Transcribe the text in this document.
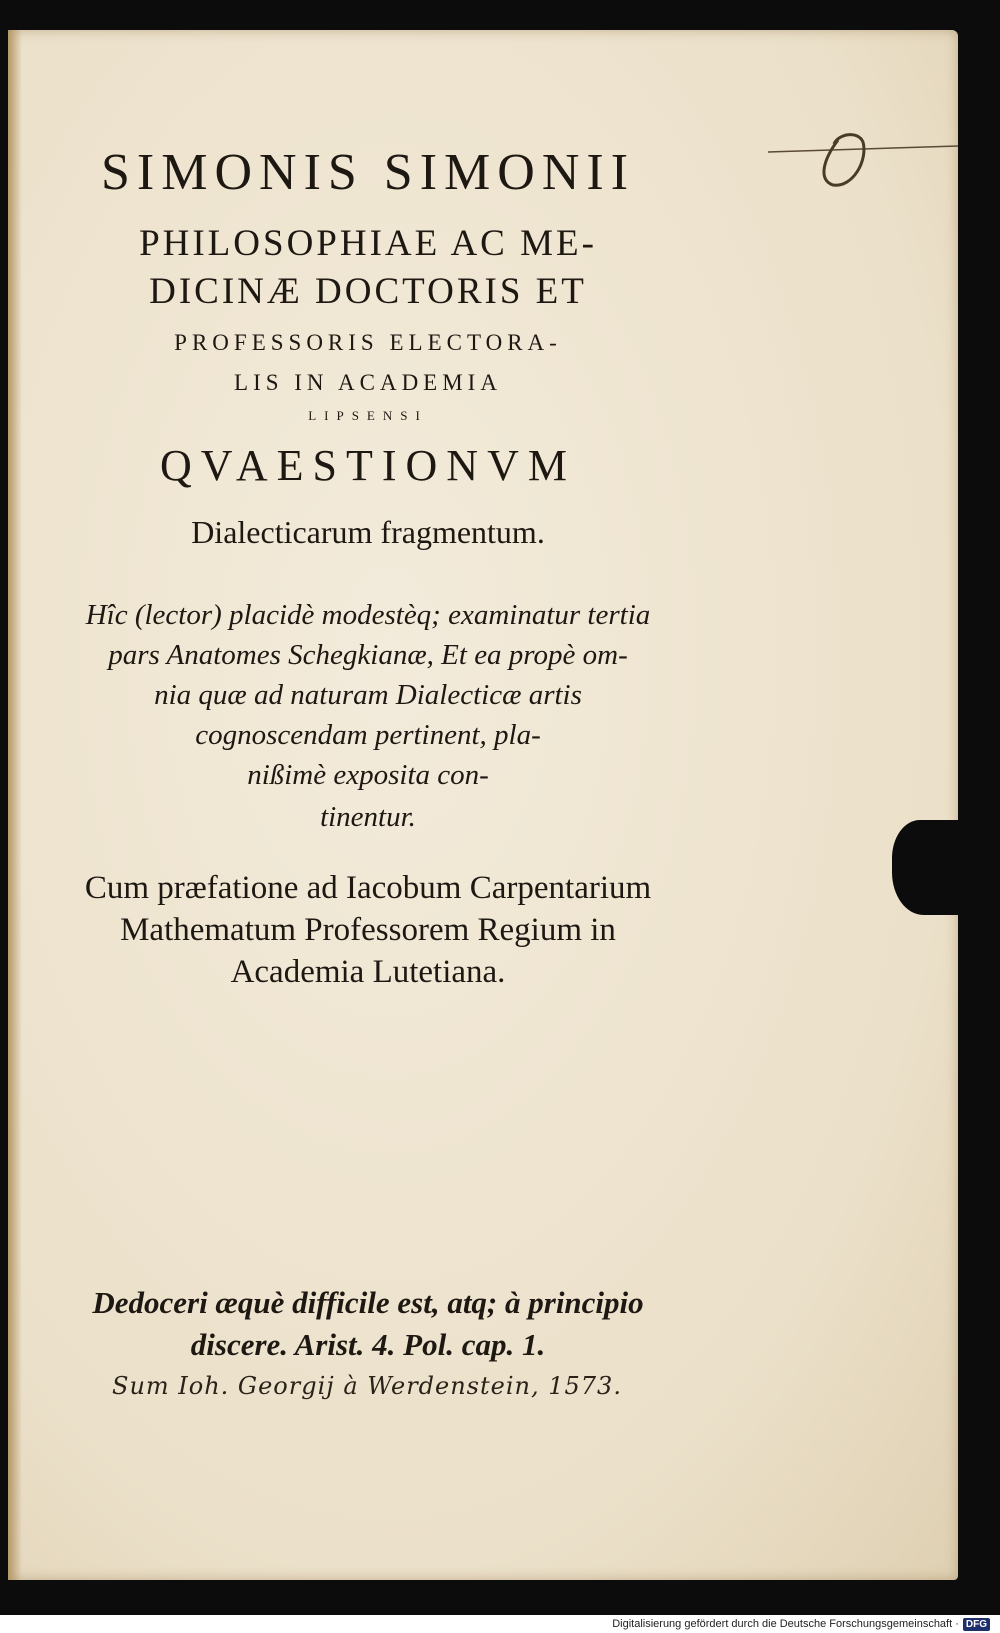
SIMONIS SIMONII
PHILOSOPHIAE AC ME-
DICINÆ DOCTORIS ET
PROFESSORIS ELECTORA-
LIS IN ACADEMIA
LIPSENSI
QVAESTIONVM
Dialecticarum fragmentum.
Hîc (lector) placidè modestèq; examinatur tertia
pars Anatomes Schegkianæ, Et ea propè om-
nia quæ ad naturam Dialecticæ artis
cognoscendam pertinent, pla-
nißimè exposita con-
tinentur.
Cum præfatione ad Iacobum Carpentarium
Mathematum Professorem Regium in
Academia Lutetiana.
Dedoceri æquè difficile est, atq; à principio
discere. Arist. 4. Pol. cap. 1.
Sum Ioh. Georgij à Werdenstein, 1573.
Digitalisierung gefördert durch die Deutsche Forschungsgemeinschaft · DFG
